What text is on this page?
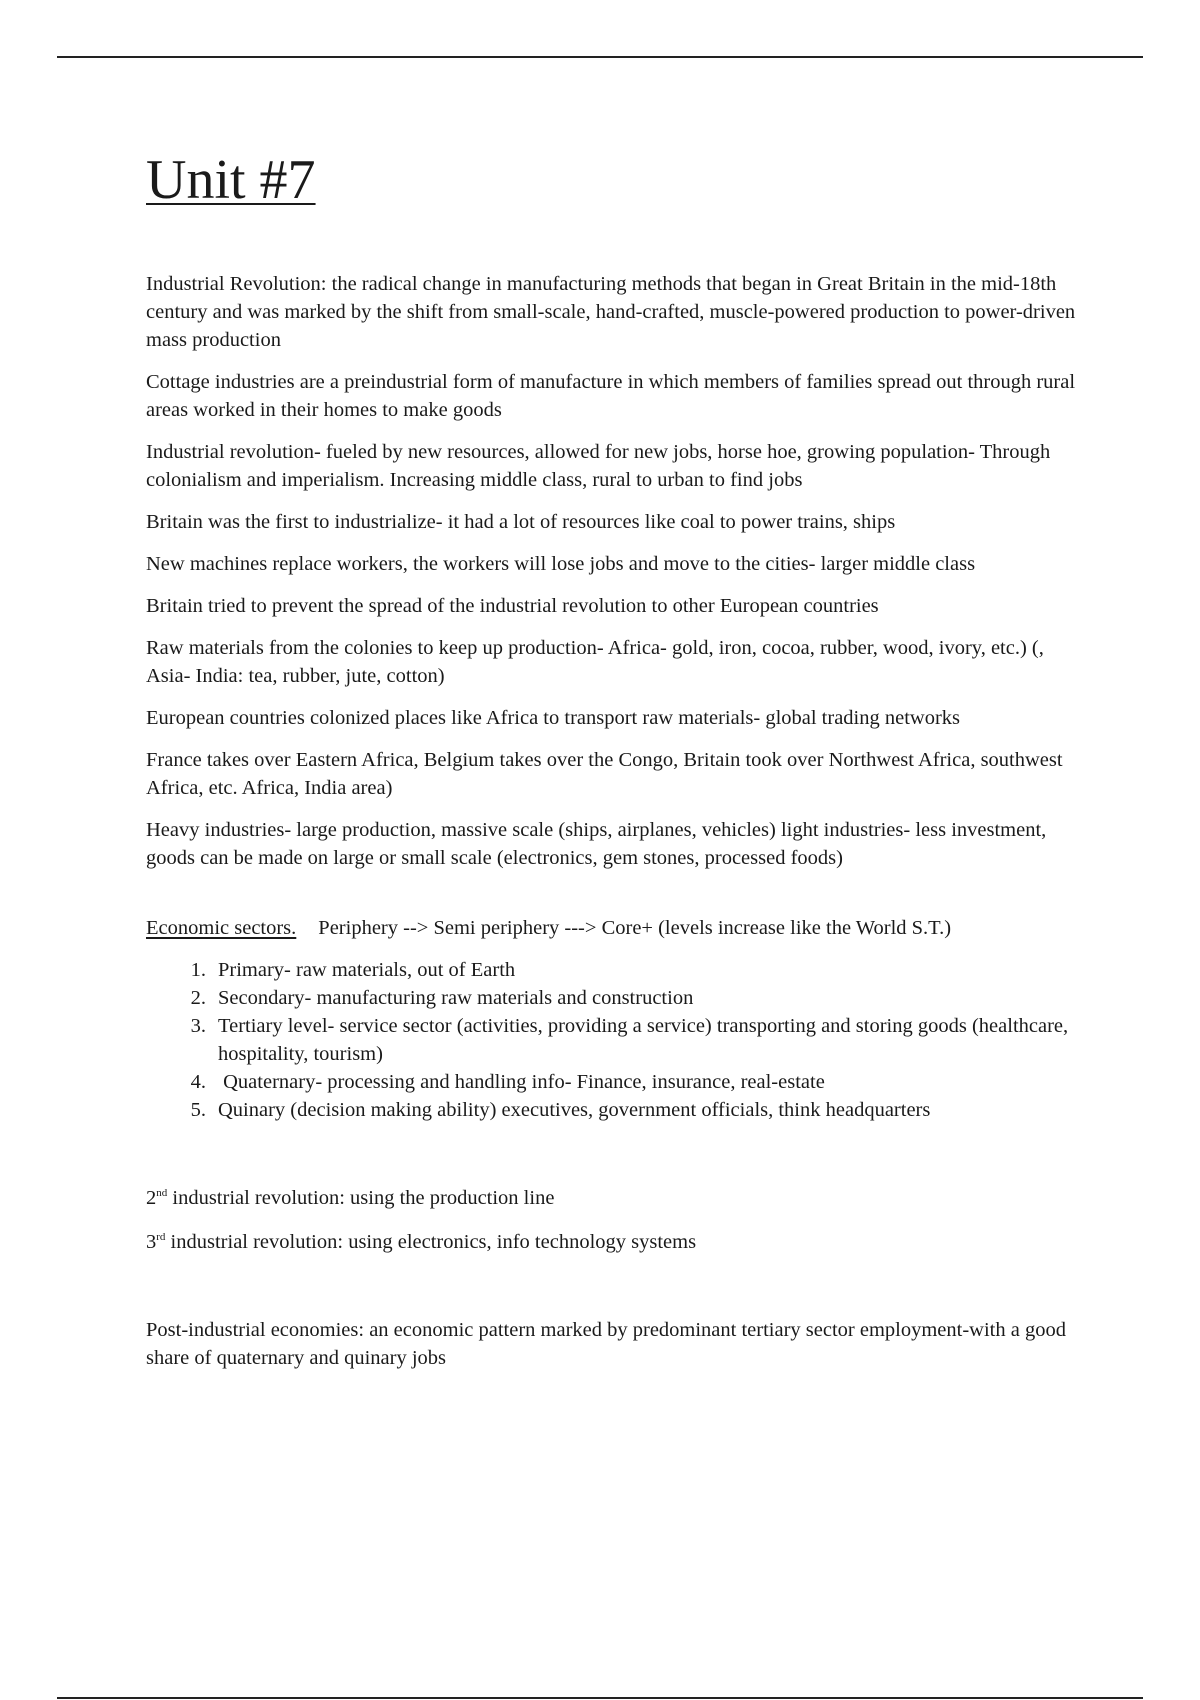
Unit #7

Industrial Revolution: the radical change in manufacturing methods that began in Great Britain in the mid-18th century and was marked by the shift from small-scale, hand-crafted, muscle-powered production to power-driven mass production

Cottage industries are a preindustrial form of manufacture in which members of families spread out through rural areas worked in their homes to make goods

Industrial revolution- fueled by new resources, allowed for new jobs, horse hoe, growing population- Through colonialism and imperialism. Increasing middle class, rural to urban to find jobs

Britain was the first to industrialize- it had a lot of resources like coal to power trains, ships

New machines replace workers, the workers will lose jobs and move to the cities- larger middle class

Britain tried to prevent the spread of the industrial revolution to other European countries

Raw materials from the colonies to keep up production- Africa- gold, iron, cocoa, rubber, wood, ivory, etc.) (, Asia- India: tea, rubber, jute, cotton)

European countries colonized places like Africa to transport raw materials- global trading networks

France takes over Eastern Africa, Belgium takes over the Congo, Britain took over Northwest Africa, southwest Africa, etc. Africa, India area)

Heavy industries- large production, massive scale (ships, airplanes, vehicles) light industries- less investment, goods can be made on large or small scale (electronics, gem stones, processed foods)

Economic sectors. Periphery --> Semi periphery ---> Core+ (levels increase like the World S.T.)

1. Primary- raw materials, out of Earth
2. Secondary- manufacturing raw materials and construction
3. Tertiary level- service sector (activities, providing a service) transporting and storing goods (healthcare, hospitality, tourism)
4. Quaternary- processing and handling info- Finance, insurance, real-estate
5. Quinary (decision making ability) executives, government officials, think headquarters

2nd industrial revolution: using the production line

3rd industrial revolution: using electronics, info technology systems

Post-industrial economies: an economic pattern marked by predominant tertiary sector employment-with a good share of quaternary and quinary jobs
